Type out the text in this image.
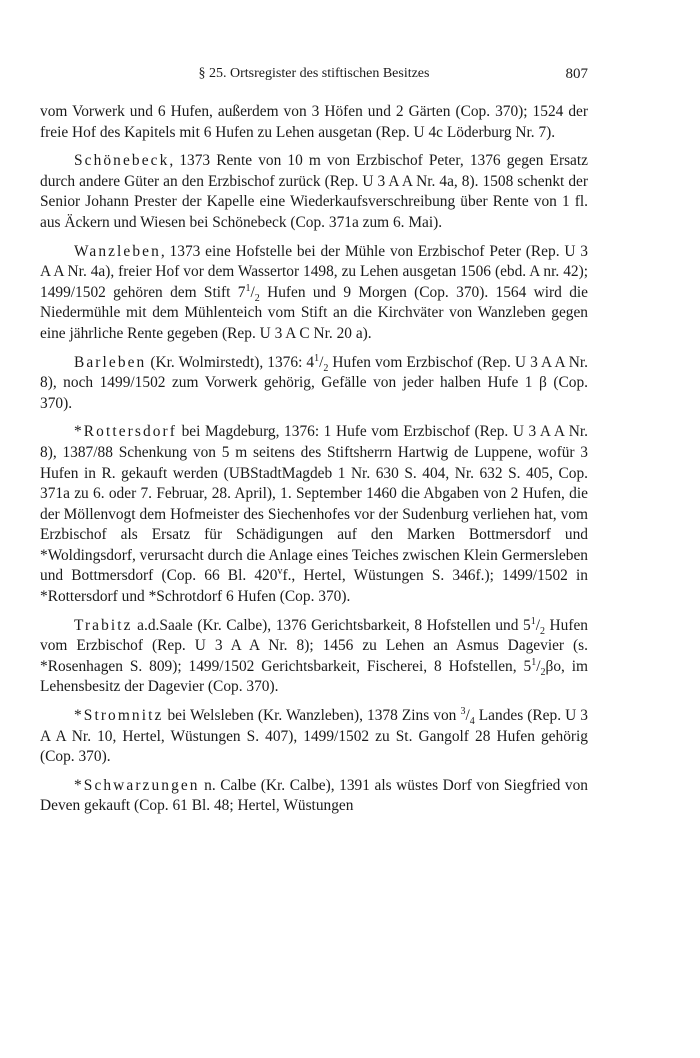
§ 25. Ortsregister des stiftischen Besitzes	807

vom Vorwerk und 6 Hufen, außerdem von 3 Höfen und 2 Gärten (Cop. 370); 1524 der freie Hof des Kapitels mit 6 Hufen zu Lehen ausgetan (Rep. U 4c Löderburg Nr. 7).

Schönebeck, 1373 Rente von 10 m von Erzbischof Peter, 1376 gegen Ersatz durch andere Güter an den Erzbischof zurück (Rep. U 3 A A Nr. 4a, 8). 1508 schenkt der Senior Johann Prester der Kapelle eine Wiederkaufsverschreibung über Rente von 1 fl. aus Äckern und Wiesen bei Schönebeck (Cop. 371a zum 6. Mai).

Wanzleben, 1373 eine Hofstelle bei der Mühle von Erzbischof Peter (Rep. U 3 A A Nr. 4a), freier Hof vor dem Wassertor 1498, zu Lehen ausgetan 1506 (ebd. A nr. 42); 1499/1502 gehören dem Stift $7^1/_2$ Hufen und 9 Morgen (Cop. 370). 1564 wird die Niedermühle mit dem Mühlenteich vom Stift an die Kirchväter von Wanzleben gegen eine jährliche Rente gegeben (Rep. U 3 A C Nr. 20 a).

Barleben (Kr. Wolmirstedt), 1376: $4^1/_2$ Hufen vom Erzbischof (Rep. U 3 A A Nr. 8), noch 1499/1502 zum Vorwerk gehörig, Gefälle von jeder halben Hufe 1 β (Cop. 370).

*Rottersdorf bei Magdeburg, 1376: 1 Hufe vom Erzbischof (Rep. U 3 A A Nr. 8), 1387/88 Schenkung von 5 m seitens des Stiftsherrn Hartwig de Luppene, wofür 3 Hufen in R. gekauft werden (UBStadtMagdeb 1 Nr. 630 S. 404, Nr. 632 S. 405, Cop. 371a zu 6. oder 7. Februar, 28. April), 1. September 1460 die Abgaben von 2 Hufen, die der Möllenvogt dem Hofmeister des Siechenhofes vor der Sudenburg verliehen hat, vom Erzbischof als Ersatz für Schädigungen auf den Marken Bottmersdorf und *Woldingsdorf, verursacht durch die Anlage eines Teiches zwischen Klein Germersleben und Bottmersdorf (Cop. 66 Bl. 420$^v$f., Hertel, Wüstungen S. 346f.); 1499/1502 in *Rottersdorf und *Schrotdorf 6 Hufen (Cop. 370).

Trabitz a.d.Saale (Kr. Calbe), 1376 Gerichtsbarkeit, 8 Hofstellen und $5^1/_2$ Hufen vom Erzbischof (Rep. U 3 A A Nr. 8); 1456 zu Lehen an Asmus Dagevier (s. *Rosenhagen S. 809); 1499/1502 Gerichtsbarkeit, Fischerei, 8 Hofstellen, $5^1/_2\beta o$, im Lehensbesitz der Dagevier (Cop. 370).

*Stromnitz bei Welsleben (Kr. Wanzleben), 1378 Zins von $^3/_4$ Landes (Rep. U 3 A A Nr. 10, Hertel, Wüstungen S. 407), 1499/1502 zu St. Gangolf 28 Hufen gehörig (Cop. 370).

*Schwarzungen n. Calbe (Kr. Calbe), 1391 als wüstes Dorf von Siegfried von Deven gekauft (Cop. 61 Bl. 48; Hertel, Wüstungen
